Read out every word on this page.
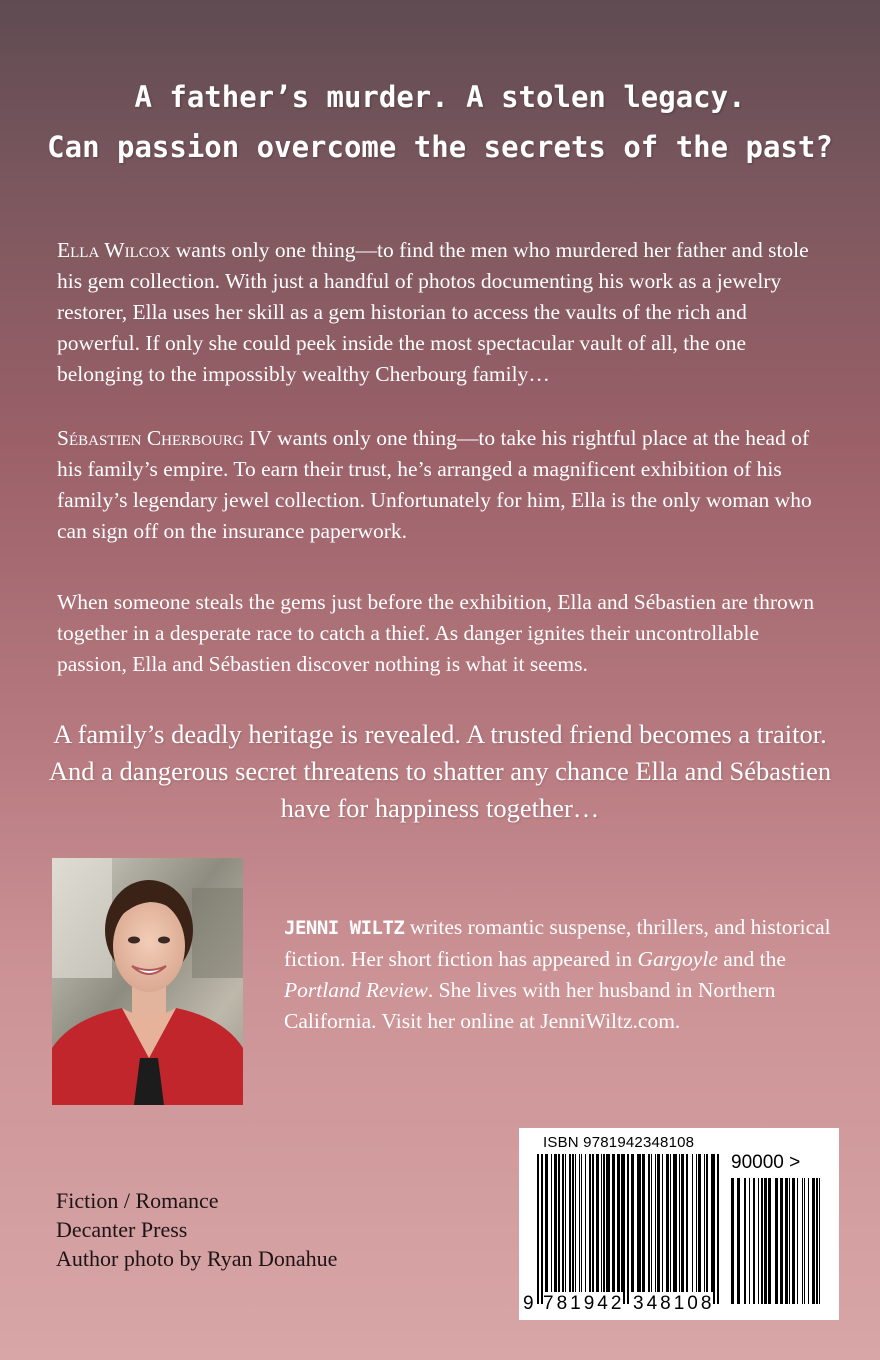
A father’s murder. A stolen legacy.
Can passion overcome the secrets of the past?
Ella Wilcox wants only one thing—to find the men who murdered her father and stole his gem collection. With just a handful of photos documenting his work as a jewelry restorer, Ella uses her skill as a gem historian to access the vaults of the rich and powerful. If only she could peek inside the most spectacular vault of all, the one belonging to the impossibly wealthy Cherbourg family…
Sébastien Cherbourg IV wants only one thing—to take his rightful place at the head of his family’s empire. To earn their trust, he’s arranged a magnificent exhibition of his family’s legendary jewel collection. Unfortunately for him, Ella is the only woman who can sign off on the insurance paperwork.
When someone steals the gems just before the exhibition, Ella and Sébastien are thrown together in a desperate race to catch a thief. As danger ignites their uncontrollable passion, Ella and Sébastien discover nothing is what it seems.
A family’s deadly heritage is revealed. A trusted friend becomes a traitor. And a dangerous secret threatens to shatter any chance Ella and Sébastien have for happiness together…
JENNI WILTZ writes romantic suspense, thrillers, and historical fiction. Her short fiction has appeared in Gargoyle and the Portland Review. She lives with her husband in Northern California. Visit her online at JenniWiltz.com.
Fiction / Romance
Decanter Press
Author photo by Ryan Donahue
ISBN 9781942348108
90000 >
9 781942 348108
